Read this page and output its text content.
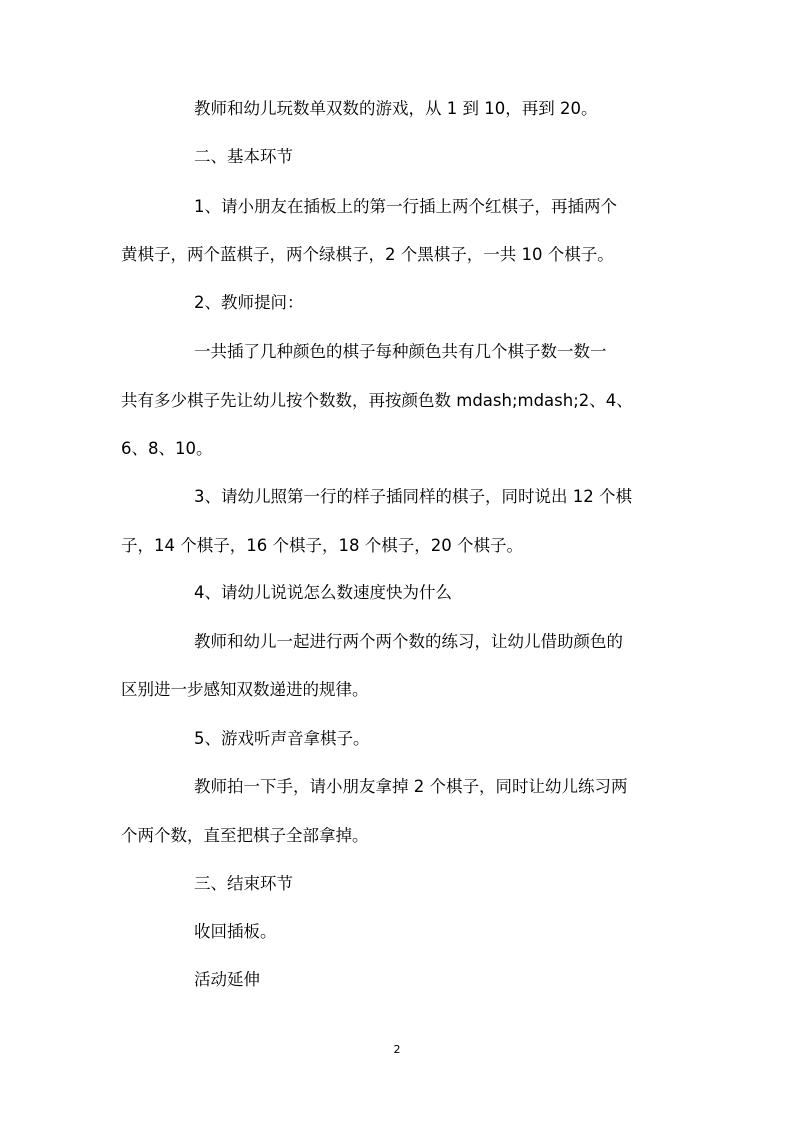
教师和幼儿玩数单双数的游戏，从 1 到 10，再到 20。
二、基本环节
1、请小朋友在插板上的第一行插上两个红棋子，再插两个
黄棋子，两个蓝棋子，两个绿棋子，2 个黑棋子，一共 10 个棋子。
2、教师提问：
一共插了几种颜色的棋子每种颜色共有几个棋子数一数一
共有多少棋子先让幼儿按个数数，再按颜色数 mdash;mdash;2、4、
6、8、10。
3、请幼儿照第一行的样子插同样的棋子，同时说出 12 个棋
子，14 个棋子，16 个棋子，18 个棋子，20 个棋子。
4、请幼儿说说怎么数速度快为什么
教师和幼儿一起进行两个两个数的练习，让幼儿借助颜色的
区别进一步感知双数递进的规律。
5、游戏听声音拿棋子。
教师拍一下手，请小朋友拿掉 2 个棋子，同时让幼儿练习两
个两个数，直至把棋子全部拿掉。
三、结束环节
收回插板。
活动延伸
2
